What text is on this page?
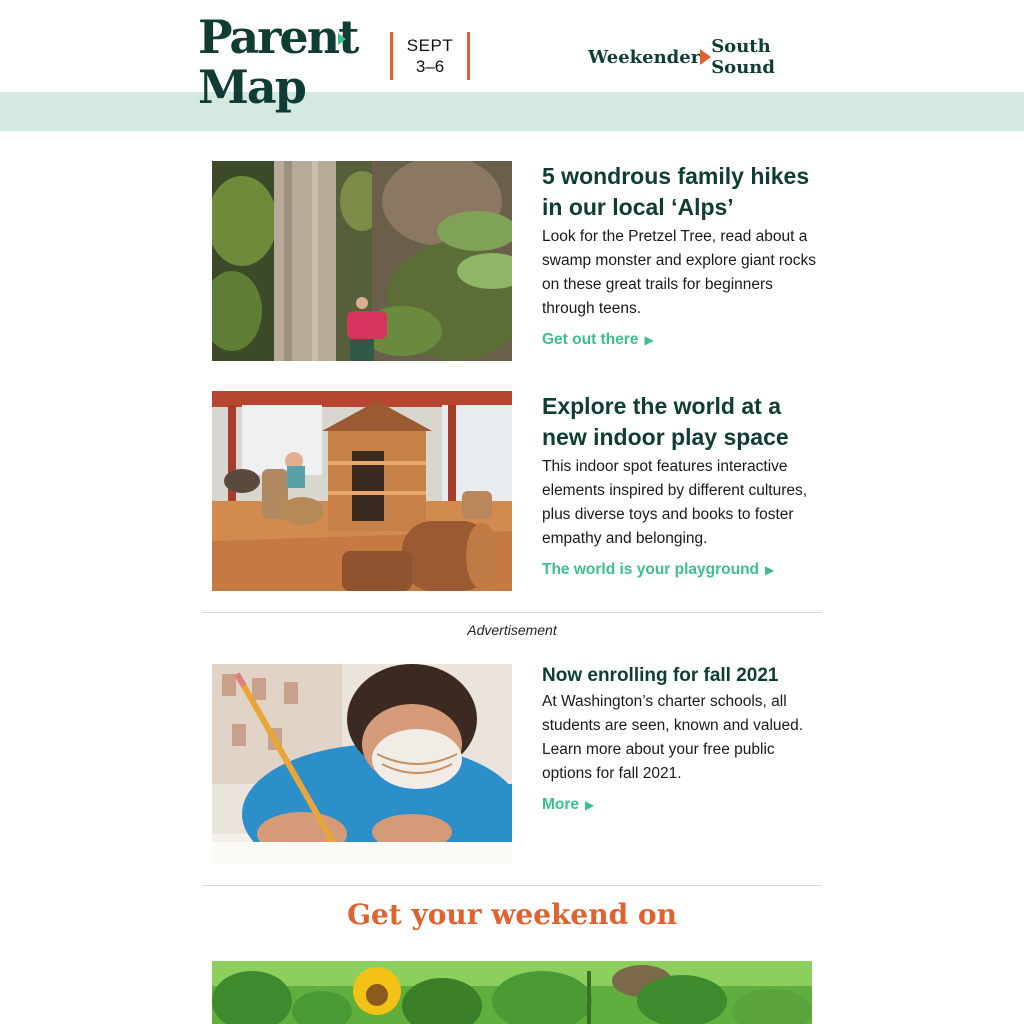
Parent
Map
SEPT
3–6	Weekender South Sound
5 wondrous family hikes in our local ‘Alps’

Look for the Pretzel Tree, read about a swamp monster and explore giant rocks on these great trails for beginners through teens.

Get out there ▶
Explore the world at a new indoor play space

This indoor spot features interactive elements inspired by different cultures, plus diverse toys and books to foster empathy and belonging.

The world is your playground ▶
Advertisement
Now enrolling for fall 2021

At Washington’s charter schools, all students are seen, known and valued. Learn more about your free public options for fall 2021.

More ▶
Get your weekend on
